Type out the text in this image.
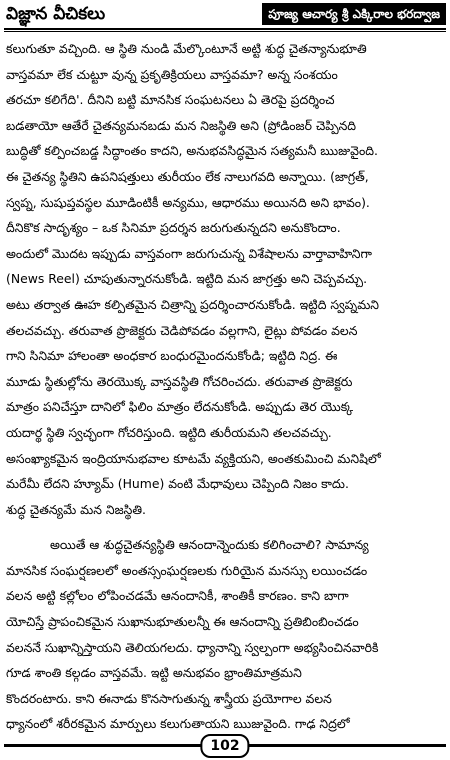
విజ్ఞాన వీచికలు	పూజ్య ఆచార్య శ్రీ ఎక్కిరాల భరద్వాజ
కలుగుతూ వచ్చింది. ఆ స్థితి నుండి మేల్కొంటూనే అట్టి శుద్ధ చైతన్యానుభూతి
వాస్తవమా లేక చుట్టూ వున్న ప్రకృతిక్రియలు వాస్తవమా? అన్న సంశయం
తరచూ కలిగేది'. దీనిని బట్టి మానసిక సంఘటనలు ఏ తెరపై ప్రదర్శించ
బడతాయో ఆతేరే చైతన్యమనబడు మన నిజస్థితి అని (ప్రోడింజర్ చెప్పినది
బుద్ధితో కల్పించబడ్డ సిద్ధాంతం కాదని, అనుభవసిద్ధమైన సత్యమనీ ఋజువైంది.
ఈ చైతన్య స్థితిని ఉపనిషత్తులు తురీయం లేక నాలుగవది అన్నాయి. (జాగ్రత్,
స్వప్న, సుషుప్తవస్థల మూడింటికీ అన్యము, ఆధారము అయినది అని భావం).
దీనికొక సాదృశ్యం – ఒక సినిమా ప్రదర్శన జరుగుతున్నదని అనుకొందాం.
అందులో మొదట ఇప్పుడు వాస్తవంగా జరుగుచున్న విశేషాలను వార్తావాహినిగా
(News Reel) చూపుతున్నారనుకోండి. ఇట్టిది మన జాగ్రత్తు అని చెప్పవచ్చు.
అటు తర్వాత ఊహ కల్పితమైన చిత్రాన్ని ప్రదర్శించారనుకోండి. ఇట్టిది స్వప్నమని
తలచవచ్చు. తరువాత ప్రొజెక్టరు చెడిపోవడం వల్లగాని, లైట్లు పోవడం వలన
గాని సినిమా హాలంతా అంధకార బంధురమైందనుకోండి; ఇట్టిది నిద్ర. ఈ
మూడు స్థితుల్లోను తెరయొక్క వాస్తవస్థితి గోచరించదు. తరువాత ప్రొజెక్టరు
మాత్రం పనిచేస్తూ దానిలో ఫిలిం మాత్రం లేదనుకోండి. అప్పుడు తెర యొక్క
యదార్థ స్థితి స్వచ్ఛంగా గోచరిస్తుంది. ఇట్టిది తురీయమని తలచవచ్చు.
అసంఖ్యాకమైన ఇంద్రియానుభవాల కూటమే వ్యక్తియని, అంతకుమించి మనిషిలో
మరేమీ లేదని హ్యూమ్ (Hume) వంటి మేధావులు చెప్పింది నిజం కాదు.
శుద్ధ చైతన్యమే మన నిజస్థితి.
అయితే ఆ శుద్ధచైతన్యస్థితి ఆనందాన్నెందుకు కలిగించాలి? సామాన్య
మానసిక సంఘర్షణలలో అంతస్సంఘర్షణలకు గురియైన మనస్సు లయించడం
వలన అట్టి కల్లోలం లోపించడమే ఆనందానికీ, శాంతికీ కారణం. కాని బాగా
యోచిస్తే ప్రాపంచికమైన సుఖానుభూతులన్నీ ఈ ఆనందాన్ని ప్రతిబింబించడం
వలననే సుఖాన్నిస్తాయని తెలియగలదు. ధ్యానాన్ని స్వల్పంగా అభ్యసించినవారికి
గూడ శాంతి కల్గడం వాస్తవమే. ఇట్టి అనుభవం భ్రాంతిమాత్రమని
కొందరంటారు. కాని ఈనాడు కొనసాగుతున్న శాస్త్రీయ ప్రయోగాల వలన
ధ్యానంలో శరీరకమైన మార్పులు కలుగుతాయని ఋజువైంది. గాఢ నిద్రలో
102
